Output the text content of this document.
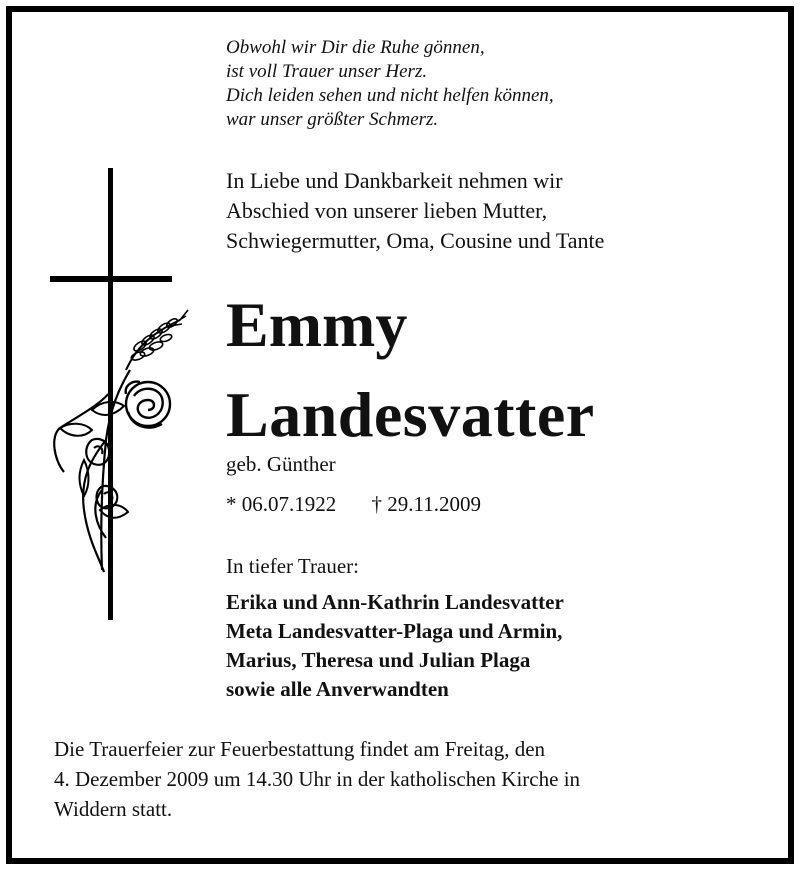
Obwohl wir Dir die Ruhe gönnen,
ist voll Trauer unser Herz.
Dich leiden sehen und nicht helfen können,
war unser größter Schmerz.
In Liebe und Dankbarkeit nehmen wir
Abschied von unserer lieben Mutter,
Schwiegermutter, Oma, Cousine und Tante
Emmy
Landesvatter
geb. Günther
* 06.07.1922 † 29.11.2009
In tiefer Trauer:
Erika und Ann-Kathrin Landesvatter
Meta Landesvatter-Plaga und Armin,
Marius, Theresa und Julian Plaga
sowie alle Anverwandten
Die Trauerfeier zur Feuerbestattung findet am Freitag, den
4. Dezember 2009 um 14.30 Uhr in der katholischen Kirche in
Widdern statt.
